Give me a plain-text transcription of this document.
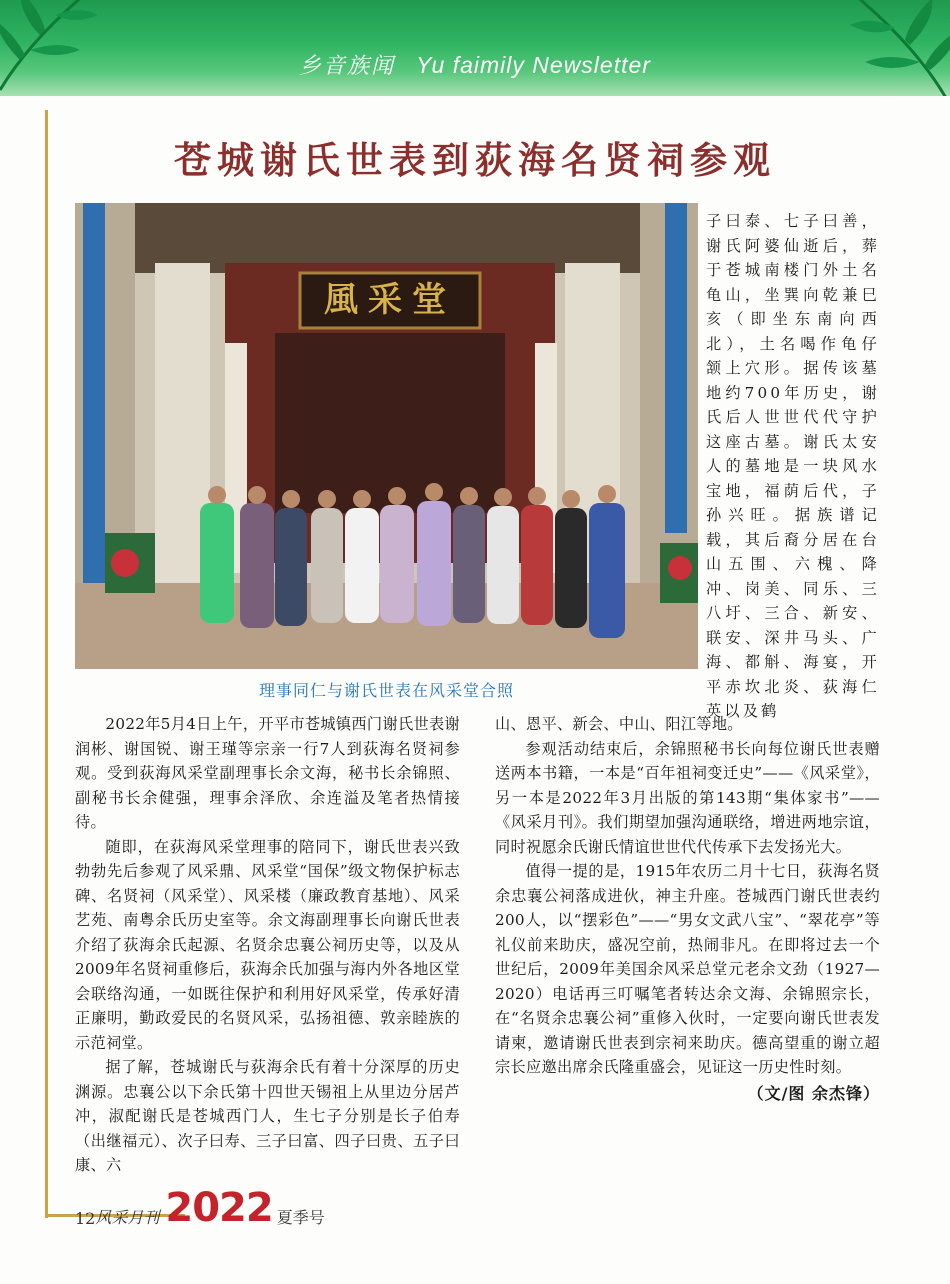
乡音族闻 Yu faimily Newsletter
苍城谢氏世表到荻海名贤祠参观
風采堂
理事同仁与谢氏世表在风采堂合照

子曰泰、七子曰善，谢氏阿婆仙逝后，葬于苍城南楼门外土名龟山，坐巽向乾兼巳亥（即坐东南向西北），土名喝作龟仔颔上穴形。据传该墓地约700年历史，谢氏后人世世代代守护这座古墓。谢氏太安人的墓地是一块风水宝地，福荫后代，子孙兴旺。据族谱记载，其后裔分居在台山五围、六槐、降冲、岗美、同乐、三八圩、三合、新安、联安、深井马头、广海、都斛、海宴，开平赤坎北炎、荻海仁英以及鹤

2022年5月4日上午，开平市苍城镇西门谢氏世表谢润彬、谢国锐、谢王瑾等宗亲一行7人到荻海名贤祠参观。受到荻海风采堂副理事长余文海，秘书长余锦照、副秘书长余健强，理事余泽欣、余连溢及笔者热情接待。

随即，在荻海风采堂理事的陪同下，谢氏世表兴致勃勃先后参观了风采鼎、风采堂“国保”级文物保护标志碑、名贤祠（风采堂）、风采楼（廉政教育基地）、风采艺苑、南粤余氏历史室等。余文海副理事长向谢氏世表介绍了荻海余氏起源、名贤余忠襄公祠历史等，以及从2009年名贤祠重修后，荻海余氏加强与海内外各地区堂会联络沟通，一如既往保护和利用好风采堂，传承好清正廉明，勤政爱民的名贤风采，弘扬祖德、敦亲睦族的示范祠堂。

据了解，苍城谢氏与荻海余氏有着十分深厚的历史渊源。忠襄公以下余氏第十四世天锡祖上从里边分居芦冲，淑配谢氏是苍城西门人，生七子分别是长子伯寿（出继福元）、次子曰寿、三子曰富、四子曰贵、五子曰康、六

山、恩平、新会、中山、阳江等地。

参观活动结束后，余锦照秘书长向每位谢氏世表赠送两本书籍，一本是“百年祖祠变迁史”——《风采堂》，另一本是2022年3月出版的第143期“集体家书”——《风采月刊》。我们期望加强沟通联络，增进两地宗谊，同时祝愿余氏谢氏情谊世世代代传承下去发扬光大。

值得一提的是，1915年农历二月十七日，荻海名贤余忠襄公祠落成进伙，神主升座。苍城西门谢氏世表约200人，以“摆彩色”——“男女文武八宝”、“翠花亭”等礼仪前来助庆，盛况空前，热闹非凡。在即将过去一个世纪后，2009年美国余风采总堂元老余文劲（1927—2020）电话再三叮嘱笔者转达余文海、余锦照宗长，在“名贤余忠襄公祠”重修入伙时，一定要向谢氏世表发请柬，邀请谢氏世表到宗祠来助庆。德高望重的谢立超宗长应邀出席余氏隆重盛会，见证这一历史性时刻。

（文/图 余杰锋）
12 风采月刊 2022 夏季号
